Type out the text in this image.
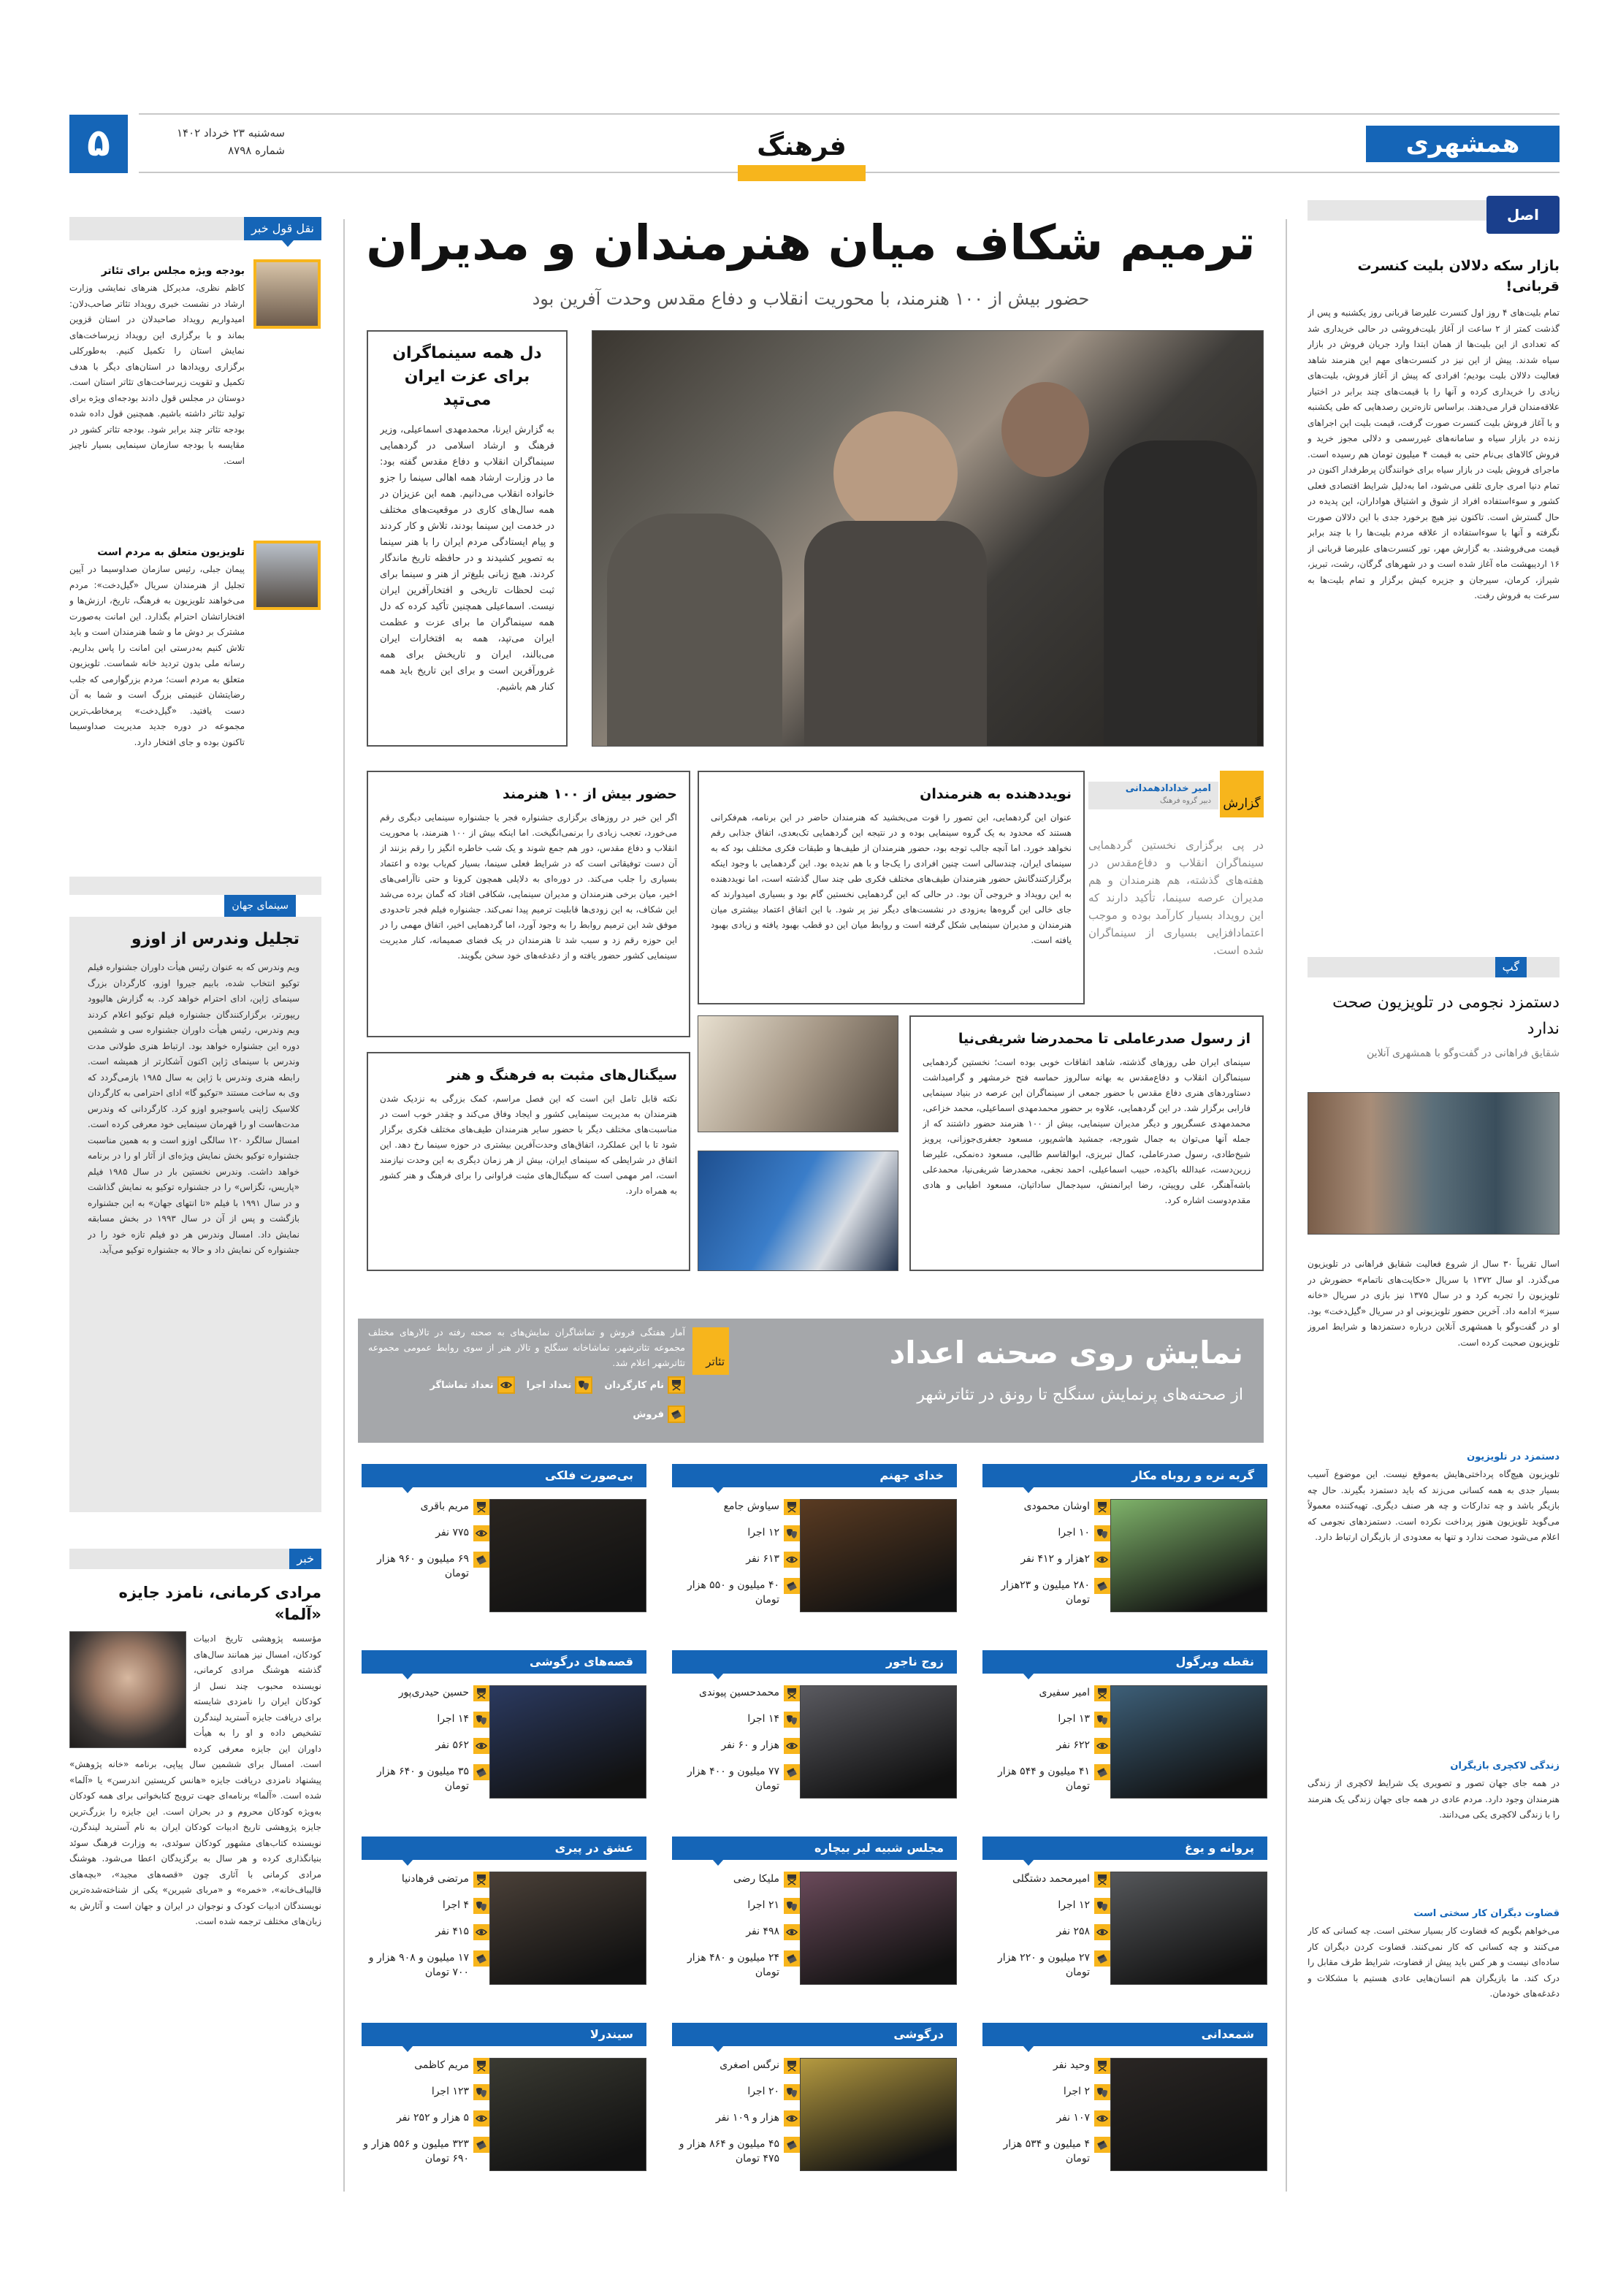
همشهری
۵	سه‌شنبه ۲۳ خرداد ۱۴۰۲
شماره ۸۷۹۸	فرهنگ
ترمیم شکاف میان هنرمندان و مدیران
حضور بیش از ۱۰۰ هنرمند، با محوریت انقلاب و دفاع مقدس وحدت آفرین بود
دل همه سینماگران برای عزت ایران می‌تپد
به گزارش ایرنا، محمدمهدی اسماعیلی، وزیر فرهنگ و ارشاد اسلامی در گردهمایی سینماگران انقلاب و دفاع مقدس گفته بود: ما در وزارت ارشاد همه اهالی سینما را جزو خانواده انقلاب می‌دانیم. همه این عزیزان در همه سال‌های کاری در موقعیت‌های مختلف در خدمت این سینما بودند، تلاش و کار کردند و پیام ایستادگی مردم ایران را با هنر سینما به تصویر کشیدند و در حافظه تاریخ ماندگار کردند. هیچ زبانی بلیغ‌تر از هنر و سینما برای ثبت لحظات تاریخی و افتخارآفرین ایران نیست. اسماعیلی همچنین تأکید کرده که دل همه سینماگران ما برای عزت و عظمت ایران می‌تپد، همه به افتخارات ایران می‌بالند، ایران و تاریخش برای همه غرورآفرین است و برای این تاریخ باید همه کنار هم باشیم.
گزارش
امیر خدادادهمدانی
دبیر گروه فرهنگ
در پی برگزاری نخستین گردهمایی سینماگران انقلاب و دفاع‌مقدس در هفته‌های گذشته، هم هنرمندان و هم مدیران عرصه سینما، تأکید دارند که این رویداد بسیار کارآمد بوده و موجب اعتمادافزایی بسیاری از سینماگران شده است.
نویددهنده به هنرمندان
عنوان این گردهمایی، این تصور را قوت می‌بخشید که هنرمندان حاضر در این برنامه، هم‌فکرانی هستند که محدود به یک گروه سینمایی بوده و در نتیجه این گردهمایی تک‌بعدی، اتفاق جذابی رقم نخواهد خورد. اما آنچه جالب توجه بود، حضور هنرمندان از طیف‌ها و طبقات فکری مختلف بود که به سینمای ایران، چندسالی است چنین افرادی را یک‌جا و با هم ندیده بود. این گردهمایی با وجود اینکه برگزارکنندگانش حضور هنرمندان طیف‌های مختلف فکری طی چند سال گذشته است، اما نویددهنده به این رویداد و خروجی آن بود. در حالی که این گردهمایی نخستین گام بود و بسیاری امیدوارند که جای خالی این گروه‌ها به‌زودی در نشست‌های دیگر نیز پر شود. با این اتفاق اعتماد بیشتری میان هنرمندان و مدیران سینمایی شکل گرفته است و روابط میان این دو قطب بهبود یافته و زیادی بهبود یافته است.
حضور بیش از ۱۰۰ هنرمند
اگر این خبر در روزهای برگزاری جشنواره فجر یا جشنواره سینمایی دیگری رقم می‌خورد، تعجب زیادی را برنمی‌انگیخت. اما اینکه بیش از ۱۰۰ هنرمند، با محوریت انقلاب و دفاع مقدس، دور هم جمع شوند و یک شب خاطره انگیز را رقم بزنند از آن دست توفیقاتی است که در شرایط فعلی سینما، بسیار کم‌یاب بوده و اعتماد بسیاری را جلب می‌کند. در دوره‌ای به دلایلی همچون کرونا و حتی ناآرامی‌های اخیر، میان برخی هنرمندان و مدیران سینمایی، شکافی افتاد که گمان برده می‌شد این شکاف، به این زودی‌ها قابلیت ترمیم پیدا نمی‌کند. جشنواره فیلم فجر تاحدودی موفق شد این ترمیم روابط را به وجود آورد، اما گردهمایی اخیر، اتفاق مهمی را در این حوزه رقم زد و سبب شد تا هنرمندان در یک فضای صمیمانه، کنار مدیریت سینمایی کشور حضور یافته و از دغدغه‌های خود سخن بگویند.
از رسول صدرعاملی تا محمدرضا شریفی‌نیا
سینمای ایران طی روزهای گذشته، شاهد اتفاقات خوبی بوده است؛ نخستین گردهمایی سینماگران انقلاب و دفاع‌مقدس به بهانه سالروز حماسه فتح خرمشهر و گرامیداشت دستاوردهای هنری دفاع مقدس با حضور جمعی از سینماگران این عرصه در بنیاد سینمایی فارابی برگزار شد. در این گردهمایی، علاوه بر حضور محمدمهدی اسماعیلی، محمد خزاعی، محمدمهدی عسگرپور و دیگر مدیران سینمایی، بیش از ۱۰۰ هنرمند حضور داشتند که از جمله آنها می‌توان به جمال شورجه، جمشید هاشم‌پور، مسعود جعفری‌جوزانی، پرویز شیخ‌طادی، رسول صدرعاملی، کمال تبریزی، ابوالقاسم طالبی، مسعود ده‌نمکی، علیرضا زرین‌دست، عبدالله باکیده، حبیب اسماعیلی، احمد نجفی، محمدرضا شریفی‌نیا، محمدعلی باشه‌آهنگر، علی روییتن، رضا ایرانمنش، سیدجمال ساداتیان، مسعود اطیابی و هادی مقدم‌دوست اشاره کرد.
سیگنال‌های مثبت به فرهنگ و هنر
نکته قابل تامل این است که این فصل مراسم، کمک بزرگی به نزدیک شدن هنرمندان به مدیریت سینمایی کشور و ایجاد وفاق می‌کند و چقدر خوب است در مناسبت‌های مختلف دیگر با حضور سایر هنرمندان طیف‌های مختلف فکری برگزار شود تا با این عملکرد، اتفاق‌های وحدت‌آفرین بیشتری در حوزه سینما رخ دهد. این اتفاق در شرایطی که سینمای ایران، بیش از هر زمان دیگری به این وحدت نیازمند است، امر مهمی است که سیگنال‌های مثبت فراوانی را برای فرهنگ و هنر کشور به همراه دارد.
نمایش روی صحنه اعداد
از صحنه‌های پرنمایش سنگلج تا رونق در تئاترشهر
تئاتر
آمار هفتگی فروش و تماشاگران نمایش‌های به صحنه رفته در تالارهای مختلف مجموعه تئاترشهر، تماشاخانه سنگلج و تالار هنر از سوی روابط عمومی مجموعه تئاترشهر اعلام شد.
نام کارگردان
تعداد اجرا
تعداد تماشاگر
فروش
گربه نره و روباه مکار
اوشان محمودی
۱۰ اجرا
۲هزار و ۴۱۲ نفر
۲۸۰ میلیون و ۲۳هزار تومان
خدای جهنم
سیاوش جامع
۱۲ اجرا
۶۱۳ نفر
۴۰ میلیون و ۵۵۰ هزار تومان
بی‌صورت فلکی
مریم باقری
۷۷۵ نفر
۶۹ میلیون و ۹۶۰ هزار تومان
نقطه ویرگول
امیر سفیری
۱۳ اجرا
۶۲۲ نفر
۴۱ میلیون و ۵۴۴ هزار تومان
زوج ناجور
محمدحسین پیوندی
۱۴ اجرا
هزار و ۶۰ نفر
۷۷ میلیون و ۴۰۰ هزار تومان
قصه‌های درگوشی
حسین حیدری‌پور
۱۴ اجرا
۵۶۲ نفر
۳۵ میلیون و ۶۴۰ هزار تومان
پروانه و یوغ
امیرمحمد دشتگلی
۱۲ اجرا
۲۵۸ نفر
۲۷ میلیون و ۲۲۰ هزار تومان
مجلس شبیه لیر بیچاره
ملیکا رضی
۲۱ اجرا
۴۹۸ نفر
۲۴ میلیون و ۴۸۰ هزار تومان
عشق در پیری
مرتضی فرهادنیا
۴ اجرا
۴۱۵ نفر
۱۷ میلیون و ۹۰۸ هزار و ۷۰۰ تومان
شمعدانی
وحید نفر
۲ اجرا
۱۰۷ نفر
۴ میلیون و ۵۳۴ هزار تومان
درگوشی
نرگس اصغری
۲۰ اجرا
هزار و ۱۰۹ نفر
۴۵ میلیون و ۸۶۴ هزار و ۴۷۵ تومان
سیندرلا
مریم کاظمی
۱۲۳ اجرا
۵ هزار و ۲۵۲ نفر
۳۲۳ میلیون و ۵۵۶ هزار و ۶۹۰ تومان
نقل قول خبر
بودجه ویژه مجلس برای تئاتر
کاظم نظری، مدیرکل هنرهای نمایشی وزارت ارشاد در نشست خبری رویداد تئاتر صاحب‌دلان: امیدواریم رویداد صاحبدلان در استان قزوین بماند و با برگزاری این رویداد زیرساخت‌های نمایش استان را تکمیل کنیم. به‌طورکلی برگزاری رویدادها در استان‌های دیگر با هدف تکمیل و تقویت زیرساخت‌های تئاتر استان است. دوستان در مجلس قول دادند بودجه‌ای ویژه برای تولید تئاتر داشته باشیم. همچنین قول داده شده بودجه تئاتر چند برابر شود. بودجه تئاتر کشور در مقایسه با بودجه سازمان سینمایی بسیار ناچیز است.
تلویزیون متعلق به مردم است
پیمان جبلی، رئیس سازمان صداوسیما در آیین تجلیل از هنرمندان سریال «گیل‌دخت»: مردم می‌خواهند تلویزیون به فرهنگ، تاریخ، ارزش‌ها و افتخاراتشان احترام بگذارد. این امانت به‌صورت مشترک بر دوش ما و شما هنرمندان است و باید تلاش کنیم به‌درستی این امانت را پاس بداریم. رسانه ملی بدون تردید خانه شماست. تلویزیون متعلق به مردم است؛ مردم بزرگوارمی که جلب رضایتشان غنیمتی بزرگ است و شما به آن دست یافتید. «گیل‌دخت» پرمخاطب‌ترین مجموعه در دوره جدید مدیریت صداوسیما تاکنون بوده و جای افتخار دارد.
سینمای جهان
تجلیل وندرس از اوزو
ویم وندرس که به عنوان رئیس هیأت داوران جشنواره فیلم توکیو انتخاب شده، بابیم جیروا اوزو، کارگردان بزرگ سینمای ژاپن، ادای احترام خواهد کرد. به گزارش هالیوود ریپورتر، برگزارکنندگان جشنواره فیلم توکیو اعلام کردند ویم وندرس، رئیس هیأت داوران جشنواره سی و ششمین دوره این جشنواره خواهد بود. ارتباط هنری طولانی مدت وندرس با سینمای ژاپن اکنون آشکارتر از همیشه است. رابطه هنری وندرس با ژاپن به سال ۱۹۸۵ بازمی‌گردد که وی به ساخت مستند «توکیو گا» ادای احترامی به کارگردان کلاسیک ژاپنی یاسوجیرو اوزو کرد. کارگردانی که وندرس مدت‌هاست او را قهرمان سینمایی خود معرفی کرده است. امسال سالگرد ۱۲۰ سالگی اوزو است و به همین مناسبت جشنواره توکیو بخش نمایش ویژه‌ای از آثار او را در برنامه خواهد داشت. وندرس نخستین بار در سال ۱۹۸۵ فیلم «پاریس، تگزاس» را در جشنواره توکیو به نمایش گذاشت و در سال ۱۹۹۱ با فیلم «تا انتهای جهان» به این جشنواره بازگشت و پس از آن در سال ۱۹۹۳ در بخش مسابقه نمایش داد. امسال وندرس هر دو فیلم تازه خود را در جشنواره کن نمایش داد و حالا به جشنواره توکیو می‌آید.
خبر
مرادی کرمانی، نامزد جایزه «آلما»
مؤسسه پژوهشی تاریخ ادبیات کودکان، امسال نیز همانند سال‌های گذشته هوشنگ مرادی کرمانی، نویسنده محبوب چند نسل از کودکان ایران را نامزدی شایسته برای دریافت جایزه آسترید لیندگرن تشخیص داده و او را به هیأت داوران این جایزه معرفی کرده است. امسال برای ششمین سال پیاپی، برنامه «خانه پژوهش» پیشنهاد نامزدی دریافت جایزه «هانس کریستین اندرسن» یا «آلما» شده است. «آلما» برنامه‌ای جهت ترویج کتابخوانی برای همه کودکان به‌ویژه کودکان محروم و در بحران است. این جایزه را بزرگ‌ترین جایزه پژوهشی تاریخ ادبیات کودکان ایران به نام آسترید لیندگرن، نویسنده کتاب‌های مشهور کودکان سوئدی، به وزارت فرهنگ سوئد بنیانگذاری کرده و هر سال به برگزیدگان اعطا می‌شود. هوشنگ مرادی کرمانی با آثاری چون «قصه‌های مجید»، «بچه‌های قالیباف‌خانه»، «خمره» و «مربای شیرین» یکی از شناخته‌شده‌ترین نویسندگان ادبیات کودک و نوجوان در ایران و جهان است و آثارش به زبان‌های مختلف ترجمه شده است.
اصل ماجرا
بازار سکه دلالان بلیت کنسرت قربانی!
تمام بلیت‌های ۴ روز اول کنسرت علیرضا قربانی روز یکشنبه و پس از گذشت کمتر از ۲ ساعت از آغاز بلیت‌فروشی در حالی خریداری شد که تعدادی از این بلیت‌ها از همان ابتدا وارد جریان فروش در بازار سیاه شدند. پیش از این نیز در کنسرت‌های مهم این هنرمند شاهد فعالیت دلالان بلیت بودیم؛ افرادی که پیش از آغاز فروش، بلیت‌های زیادی را خریداری کرده و آنها را با قیمت‌های چند برابر در اختیار علاقه‌مندان قرار می‌دهند. براساس تازه‌ترین رصدهایی که طی یکشنبه و با آغاز فروش بلیت کنسرت صورت گرفت، قیمت بلیت این اجراهای زنده در بازار سیاه و سامانه‌های غیررسمی و دلالی مجوز خرید و فروش کالاهای بی‌نام حتی به قیمت ۴ میلیون تومان هم رسیده است. ماجرای فروش بلیت در بازار سیاه برای خوانندگان پرطرفدار اکنون در تمام دنیا امری جاری تلقی می‌شود، اما به‌دلیل شرایط اقتصادی فعلی کشور و سوءاستفاده افراد از شوق و اشتیاق هواداران، این پدیده در حال گسترش است. تاکنون نیز هیچ برخورد جدی با این دلالان صورت نگرفته و آنها با سوءاستفاده از علاقه مردم بلیت‌ها را با چند برابر قیمت می‌فروشند. به گزارش مهر، تور کنسرت‌های علیرضا قربانی از ۱۶ اردیبهشت ماه آغاز شده است و در شهرهای گرگان، رشت، تبریز، شیراز، کرمان، سیرجان و جزیره کیش برگزار و تمام بلیت‌ها به سرعت به فروش رفت.
گپ
دستمزد نجومی در تلویزیون صحت ندارد
شقایق فراهانی در گفت‌وگو با همشهری آنلاین
اسال تقریباً ۳۰ سال از شروع فعالیت شقایق فراهانی در تلویزیون می‌گذرد. او سال ۱۳۷۲ با سریال «حکایت‌های ناتمام» حضورش در تلویزیون را تجربه کرد و در سال ۱۳۷۵ نیز بازی در سریال «خانه سبز» ادامه داد. آخرین حضور تلویزیونی او در سریال «گیل‌دخت» بود. او در گفت‌وگو با همشهری آنلاین درباره دستمزدها و شرایط امروز تلویزیون صحبت کرده است.
دستمزد در تلویزیون
تلویزیون هیچ‌گاه پرداختی‌هایش به‌موقع نیست. این موضوع آسیب بسیار جدی به همه کسانی می‌زند که باید دستمزد بگیرند. حال چه بازیگر باشد و چه تدارکات و چه هر صنف دیگری. تهیه‌کننده معمولاً می‌گوید تلویزیون هنوز پرداخت نکرده است. دستمزدهای نجومی که اعلام می‌شود صحت ندارد و تنها به معدودی از بازیگران ارتباط دارد.
زندگی لاکچری بازیگران
در همه جای جهان تصور و تصویری یک شرایط لاکچری از زندگی هنرمندان وجود دارد. مردم عادی در همه جای جهان زندگی یک هنرمند را با زندگی لاکچری یکی می‌دانند.
قضاوت دیگران کار سختی است
می‌خواهم بگویم که قضاوت کار بسیار سختی است. چه کسانی که کار می‌کنند و چه کسانی که کار نمی‌کنند. قضاوت کردن دیگران کار ساده‌ای نیست و هر کس باید پیش از قضاوت، شرایط طرف مقابل را درک کند. ما بازیگران هم انسان‌هایی عادی هستیم با مشکلات و دغدغه‌های خودمان.
